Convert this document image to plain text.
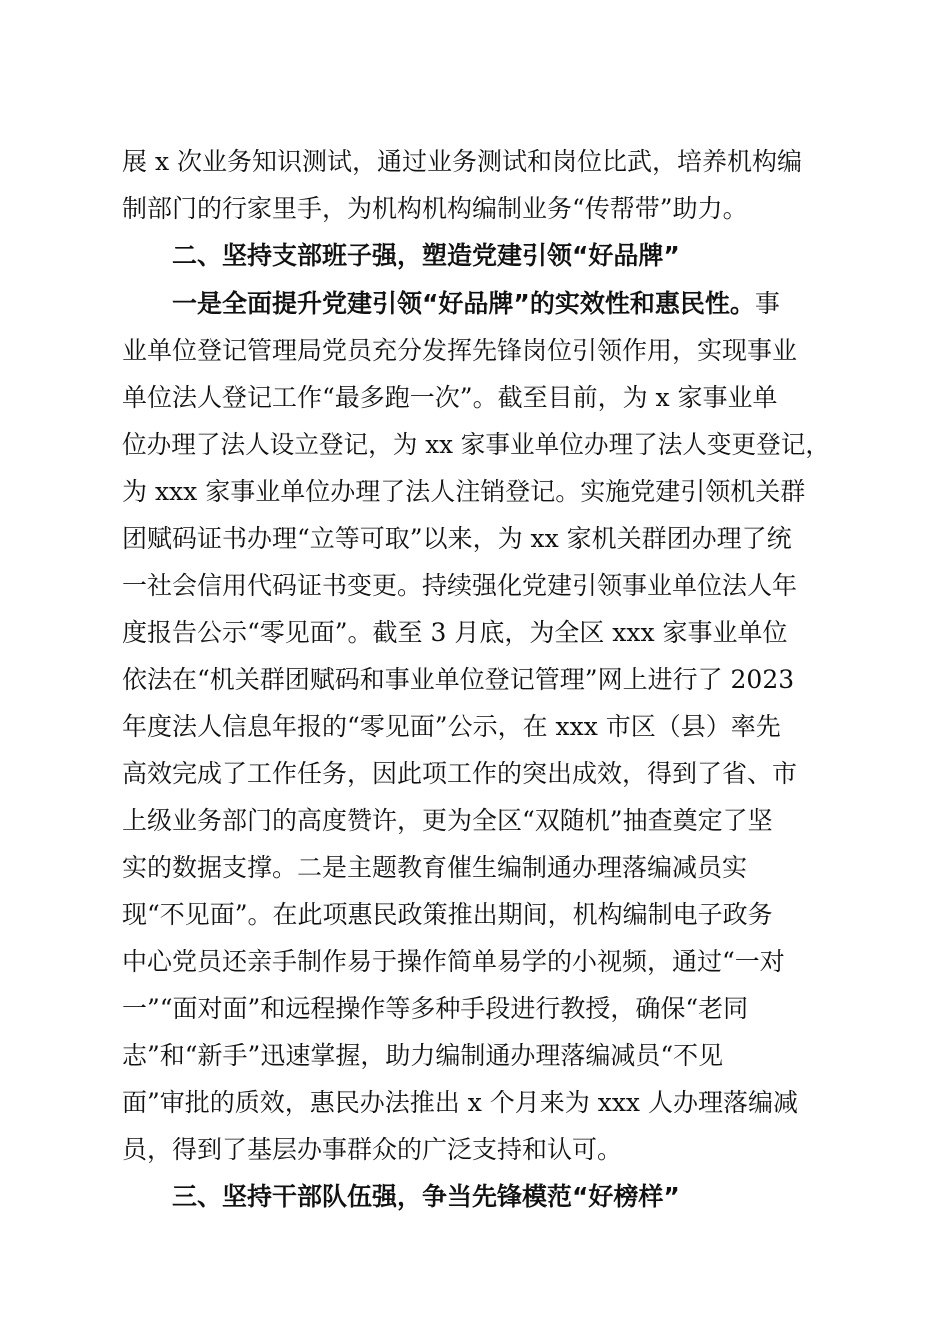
展 x 次业务知识测试，通过业务测试和岗位比武，培养机构编
制部门的行家里手，为机构机构编制业务“传帮带”助力。
二、坚持支部班子强，塑造党建引领“好品牌”
一是全面提升党建引领“好品牌”的实效性和惠民性。事
业单位登记管理局党员充分发挥先锋岗位引领作用，实现事业
单位法人登记工作“最多跑一次”。截至目前，为 x 家事业单
位办理了法人设立登记，为 xx 家事业单位办理了法人变更登记，
为 xxx 家事业单位办理了法人注销登记。实施党建引领机关群
团赋码证书办理“立等可取”以来，为 xx 家机关群团办理了统
一社会信用代码证书变更。持续强化党建引领事业单位法人年
度报告公示“零见面”。截至 3 月底，为全区 xxx 家事业单位
依法在“机关群团赋码和事业单位登记管理”网上进行了 2023
年度法人信息年报的“零见面”公示，在 xxx 市区（县）率先
高效完成了工作任务，因此项工作的突出成效，得到了省、市
上级业务部门的高度赞许，更为全区“双随机”抽查奠定了坚
实的数据支撑。二是主题教育催生编制通办理落编减员实
现“不见面”。在此项惠民政策推出期间，机构编制电子政务
中心党员还亲手制作易于操作简单易学的小视频，通过“一对
一”“面对面”和远程操作等多种手段进行教授，确保“老同
志”和“新手”迅速掌握，助力编制通办理落编减员“不见
面”审批的质效，惠民办法推出 x 个月来为 xxx 人办理落编减
员，得到了基层办事群众的广泛支持和认可。
三、坚持干部队伍强，争当先锋模范“好榜样”
